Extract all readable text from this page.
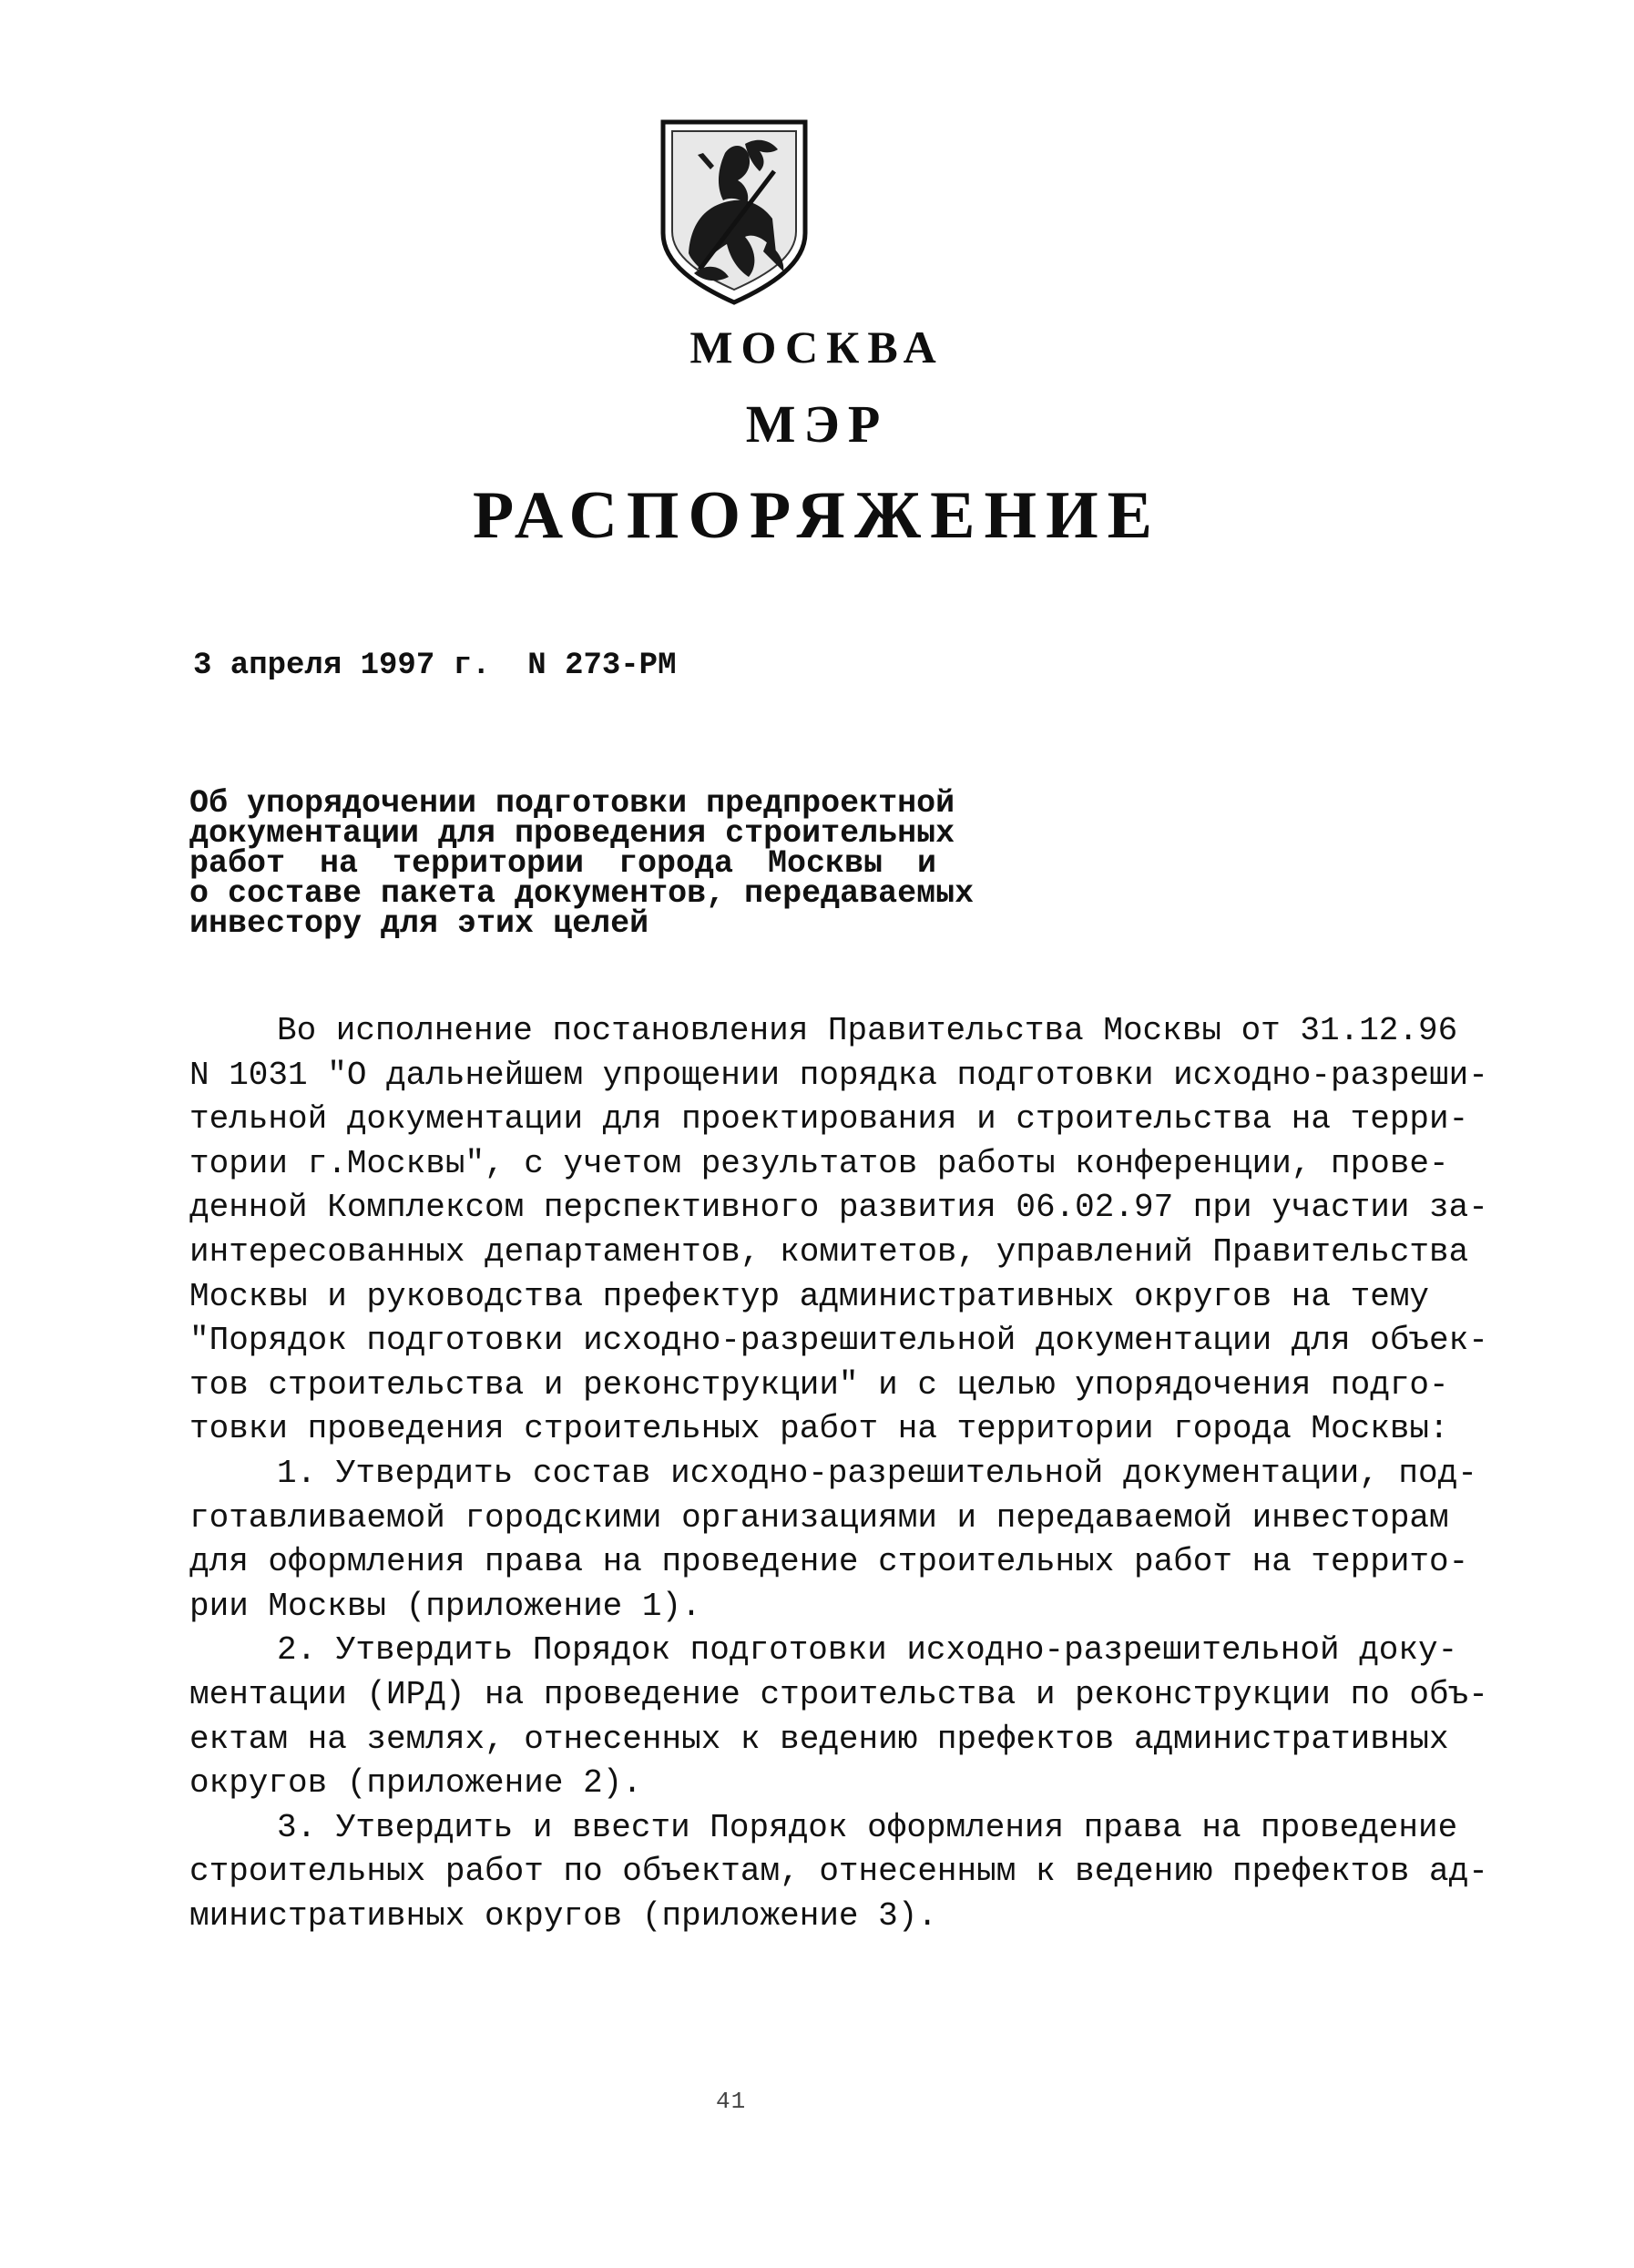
МОСКВА
МЭР
РАСПОРЯЖЕНИЕ
3 апреля 1997 г.  N 273-РМ
Об упорядочении подготовки предпроектной
документации для проведения строительных
работ на территории города Москвы и
о составе пакета документов, передаваемых
инвестору для этих целей
Во исполнение постановления Правительства Москвы от 31.12.96
N 1031 "О дальнейшем упрощении порядка подготовки исходно-разреши-
тельной документации для проектирования и строительства на терри-
тории г.Москвы", с учетом результатов работы конференции, прове-
денной Комплексом перспективного развития 06.02.97 при участии за-
интересованных департаментов, комитетов, управлений Правительства
Москвы и руководства префектур административных округов на тему
"Порядок подготовки исходно-разрешительной документации для объек-
тов строительства и реконструкции" и с целью упорядочения подго-
товки проведения строительных работ на территории города Москвы:
1. Утвердить состав исходно-разрешительной документации, под-
готавливаемой городскими организациями и передаваемой инвесторам
для оформления права на проведение строительных работ на террито-
рии Москвы (приложение 1).
2. Утвердить Порядок подготовки исходно-разрешительной доку-
ментации (ИРД) на проведение строительства и реконструкции по объ-
ектам на землях, отнесенных к ведению префектов административных
округов (приложение 2).
3. Утвердить и ввести Порядок оформления права на проведение
строительных работ по объектам, отнесенным к ведению префектов ад-
министративных округов (приложение 3).
41
